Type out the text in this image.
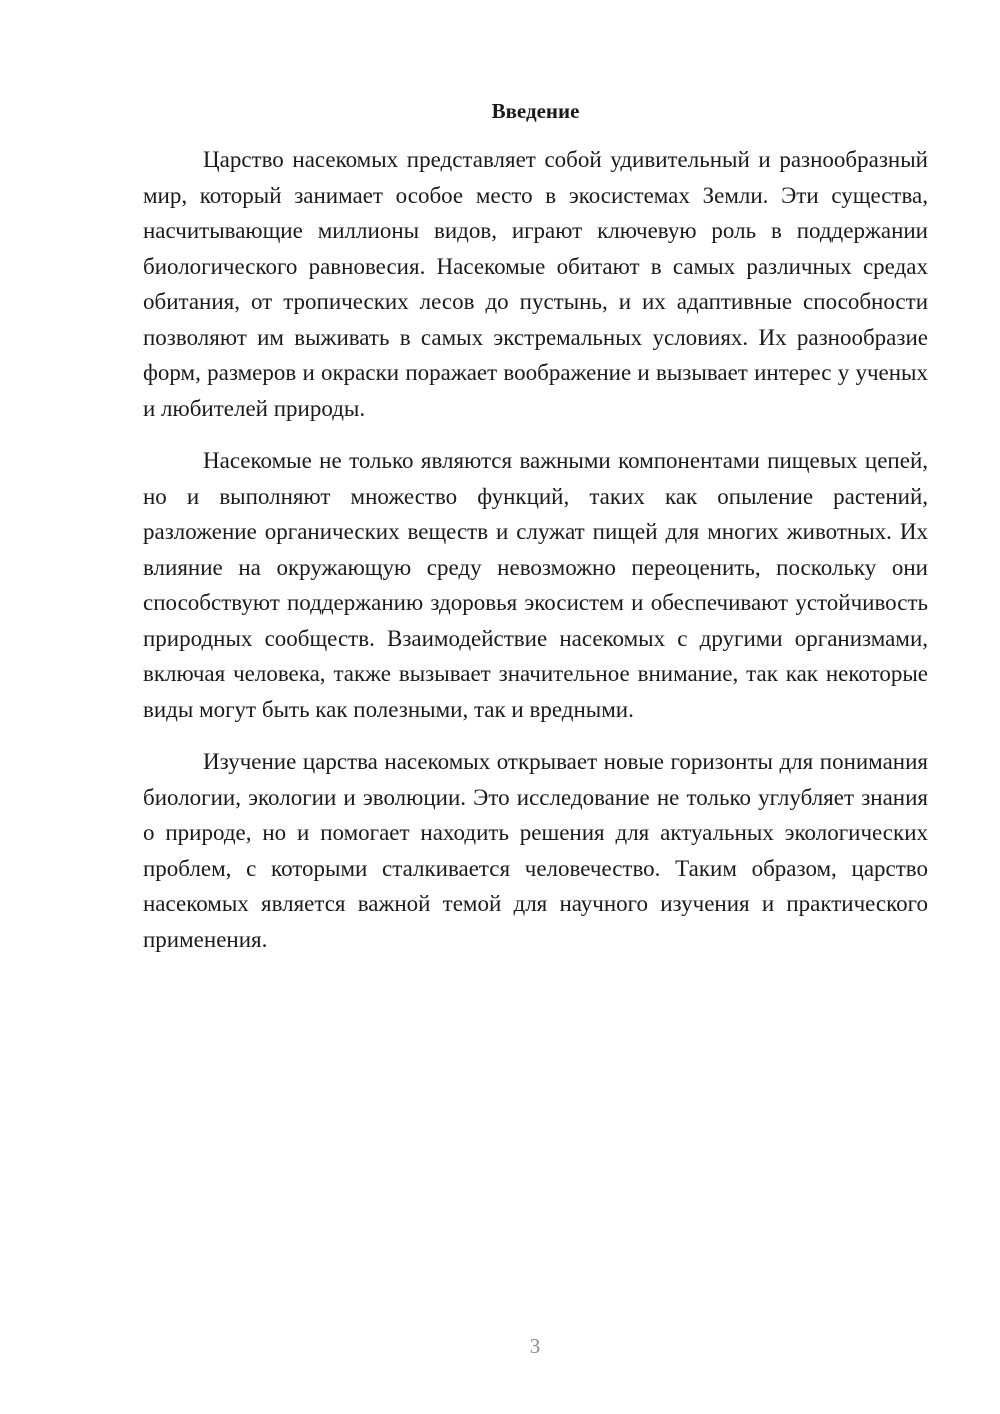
Введение

Царство насекомых представляет собой удивительный и разнообразный мир, который занимает особое место в экосистемах Земли. Эти существа, насчитывающие миллионы видов, играют ключевую роль в поддержании биологического равновесия. Насекомые обитают в самых различных средах обитания, от тропических лесов до пустынь, и их адаптивные способности позволяют им выживать в самых экстремальных условиях. Их разнообразие форм, размеров и окраски поражает воображение и вызывает интерес у ученых и любителей природы.

Насекомые не только являются важными компонентами пищевых цепей, но и выполняют множество функций, таких как опыление растений, разложение органических веществ и служат пищей для многих животных. Их влияние на окружающую среду невозможно переоценить, поскольку они способствуют поддержанию здоровья экосистем и обеспечивают устойчивость природных сообществ. Взаимодействие насекомых с другими организмами, включая человека, также вызывает значительное внимание, так как некоторые виды могут быть как полезными, так и вредными.

Изучение царства насекомых открывает новые горизонты для понимания биологии, экологии и эволюции. Это исследование не только углубляет знания о природе, но и помогает находить решения для актуальных экологических проблем, с которыми сталкивается человечество. Таким образом, царство насекомых является важной темой для научного изучения и практического применения.

3
